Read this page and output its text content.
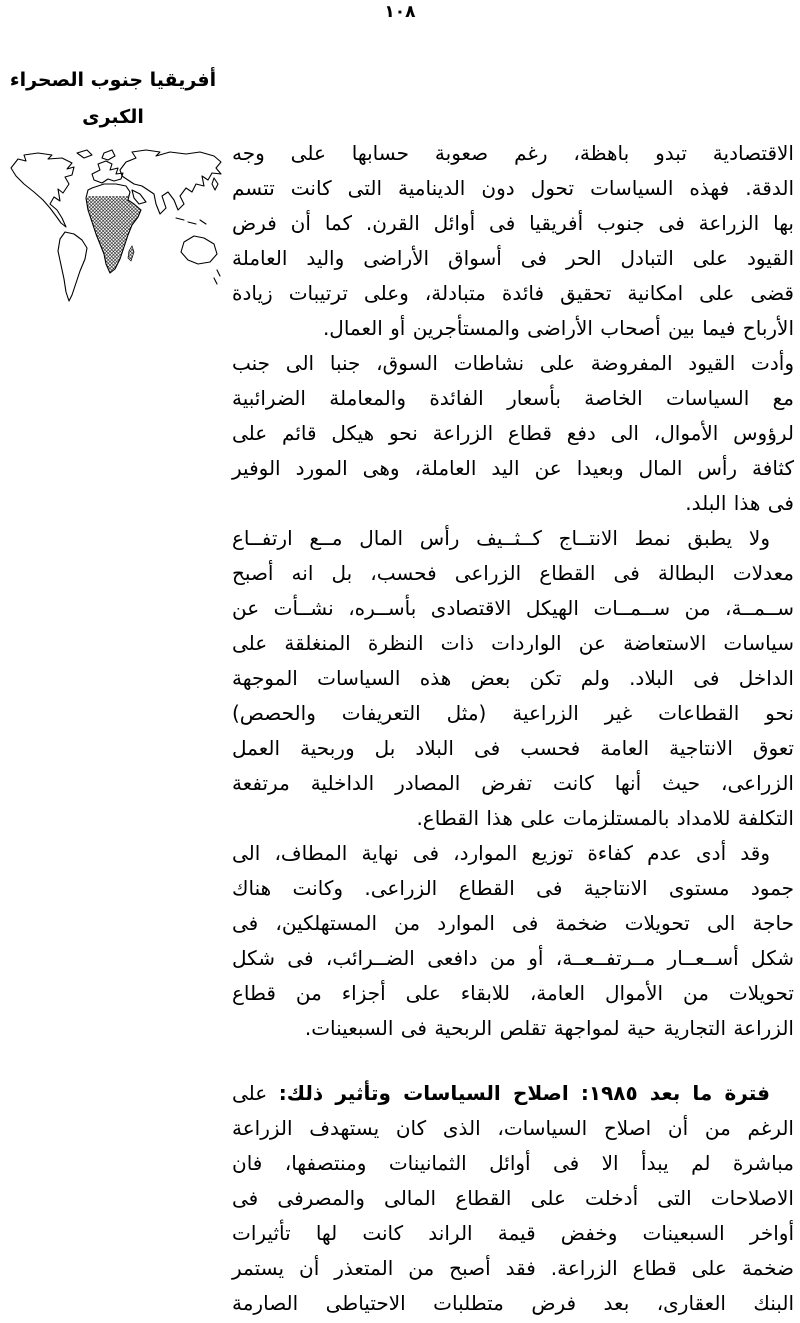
١٠٨
أفريقيا جنوب الصحراء
الكبرى
الاقتصادية تبدو باهظة، رغم صعوبة حسابها على وجه
الدقة. فهذه السياسات تحول دون الدينامية التى كانت تتسم
بها الزراعة فى جنوب أفريقيا فى أوائل القرن. كما أن فرض
القيود على التبادل الحر فى أسواق الأراضى واليد العاملة
قضى على امكانية تحقيق فائدة متبادلة، وعلى ترتيبات زيادة
الأرباح فيما بين أصحاب الأراضى والمستأجرين أو العمال.
وأدت القيود المفروضة على نشاطات السوق، جنبا الى جنب
مع السياسات الخاصة بأسعار الفائدة والمعاملة الضرائبية
لرؤوس الأموال، الى دفع قطاع الزراعة نحو هيكل قائم على
كثافة رأس المال وبعيدا عن اليد العاملة، وهى المورد الوفير
فى هذا البلد.
ولا يطبق نمط الانتــاج كــثــيف رأس المال مــع ارتفــاع
معدلات البطالة فى القطاع الزراعى فحسب، بل انه أصبح
ســمــة، من ســمــات الهيكل الاقتصادى بأســره، نشــأت عن
سياسات الاستعاضة عن الواردات ذات النظرة المنغلقة على
الداخل فى البلاد. ولم تكن بعض هذه السياسات الموجهة
نحو القطاعات غير الزراعية (مثل التعريفات والحصص)
تعوق الانتاجية العامة فحسب فى البلاد بل وربحية العمل
الزراعى، حيث أنها كانت تفرض المصادر الداخلية مرتفعة
التكلفة للامداد بالمستلزمات على هذا القطاع.
وقد أدى عدم كفاءة توزيع الموارد، فى نهاية المطاف، الى
جمود مستوى الانتاجية فى القطاع الزراعى. وكانت هناك
حاجة الى تحويلات ضخمة فى الموارد من المستهلكين، فى
شكل أســعــار مــرتفــعــة، أو من دافعى الضــرائب، فى شكل
تحويلات من الأموال العامة، للابقاء على أجزاء من قطاع
الزراعة التجارية حية لمواجهة تقلص الربحية فى السبعينات.
فترة ما بعد ١٩٨٥: اصلاح السياسات وتأثير ذلك: على
الرغم من أن اصلاح السياسات، الذى كان يستهدف الزراعة
مباشرة لم يبدأ الا فى أوائل الثمانينات ومنتصفها، فان
الاصلاحات التى أدخلت على القطاع المالى والمصرفى فى
أواخر السبعينات وخفض قيمة الراند كانت لها تأثيرات
ضخمة على قطاع الزراعة. فقد أصبح من المتعذر أن يستمر
البنك العقارى، بعد فرض متطلبات الاحتياطى الصارمة
